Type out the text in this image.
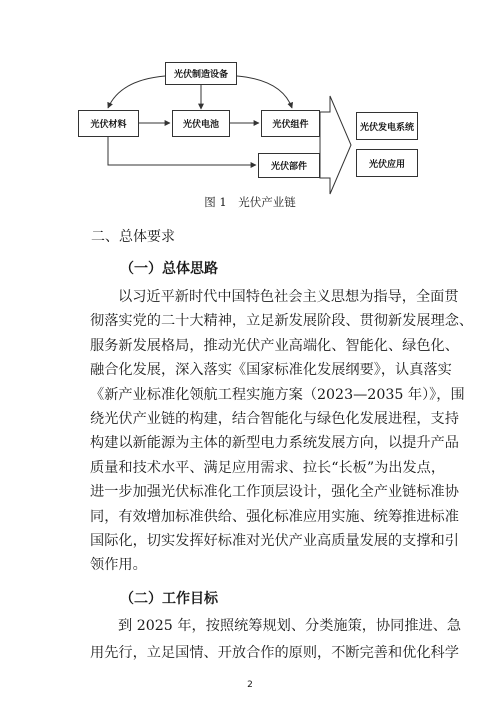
光伏制造设备
光伏材料	光伏电池	光伏组件
光伏部件
光伏发电系统
光伏应用
图 1　光伏产业链
二、总体要求
（一）总体思路
以习近平新时代中国特色社会主义思想为指导，全面贯
彻落实党的二十大精神，立足新发展阶段、贯彻新发展理念、
服务新发展格局，推动光伏产业高端化、智能化、绿色化、
融合化发展，深入落实《国家标准化发展纲要》，认真落实
《新产业标准化领航工程实施方案（2023—2035 年）》，围
绕光伏产业链的构建，结合智能化与绿色化发展进程，支持
构建以新能源为主体的新型电力系统发展方向，以提升产品
质量和技术水平、满足应用需求、拉长“长板”为出发点，
进一步加强光伏标准化工作顶层设计，强化全产业链标准协
同，有效增加标准供给、强化标准应用实施、统筹推进标准
国际化，切实发挥好标准对光伏产业高质量发展的支撑和引
领作用。
（二）工作目标
到 2025 年，按照统筹规划、分类施策，协同推进、急
用先行，立足国情、开放合作的原则，不断完善和优化科学
2
